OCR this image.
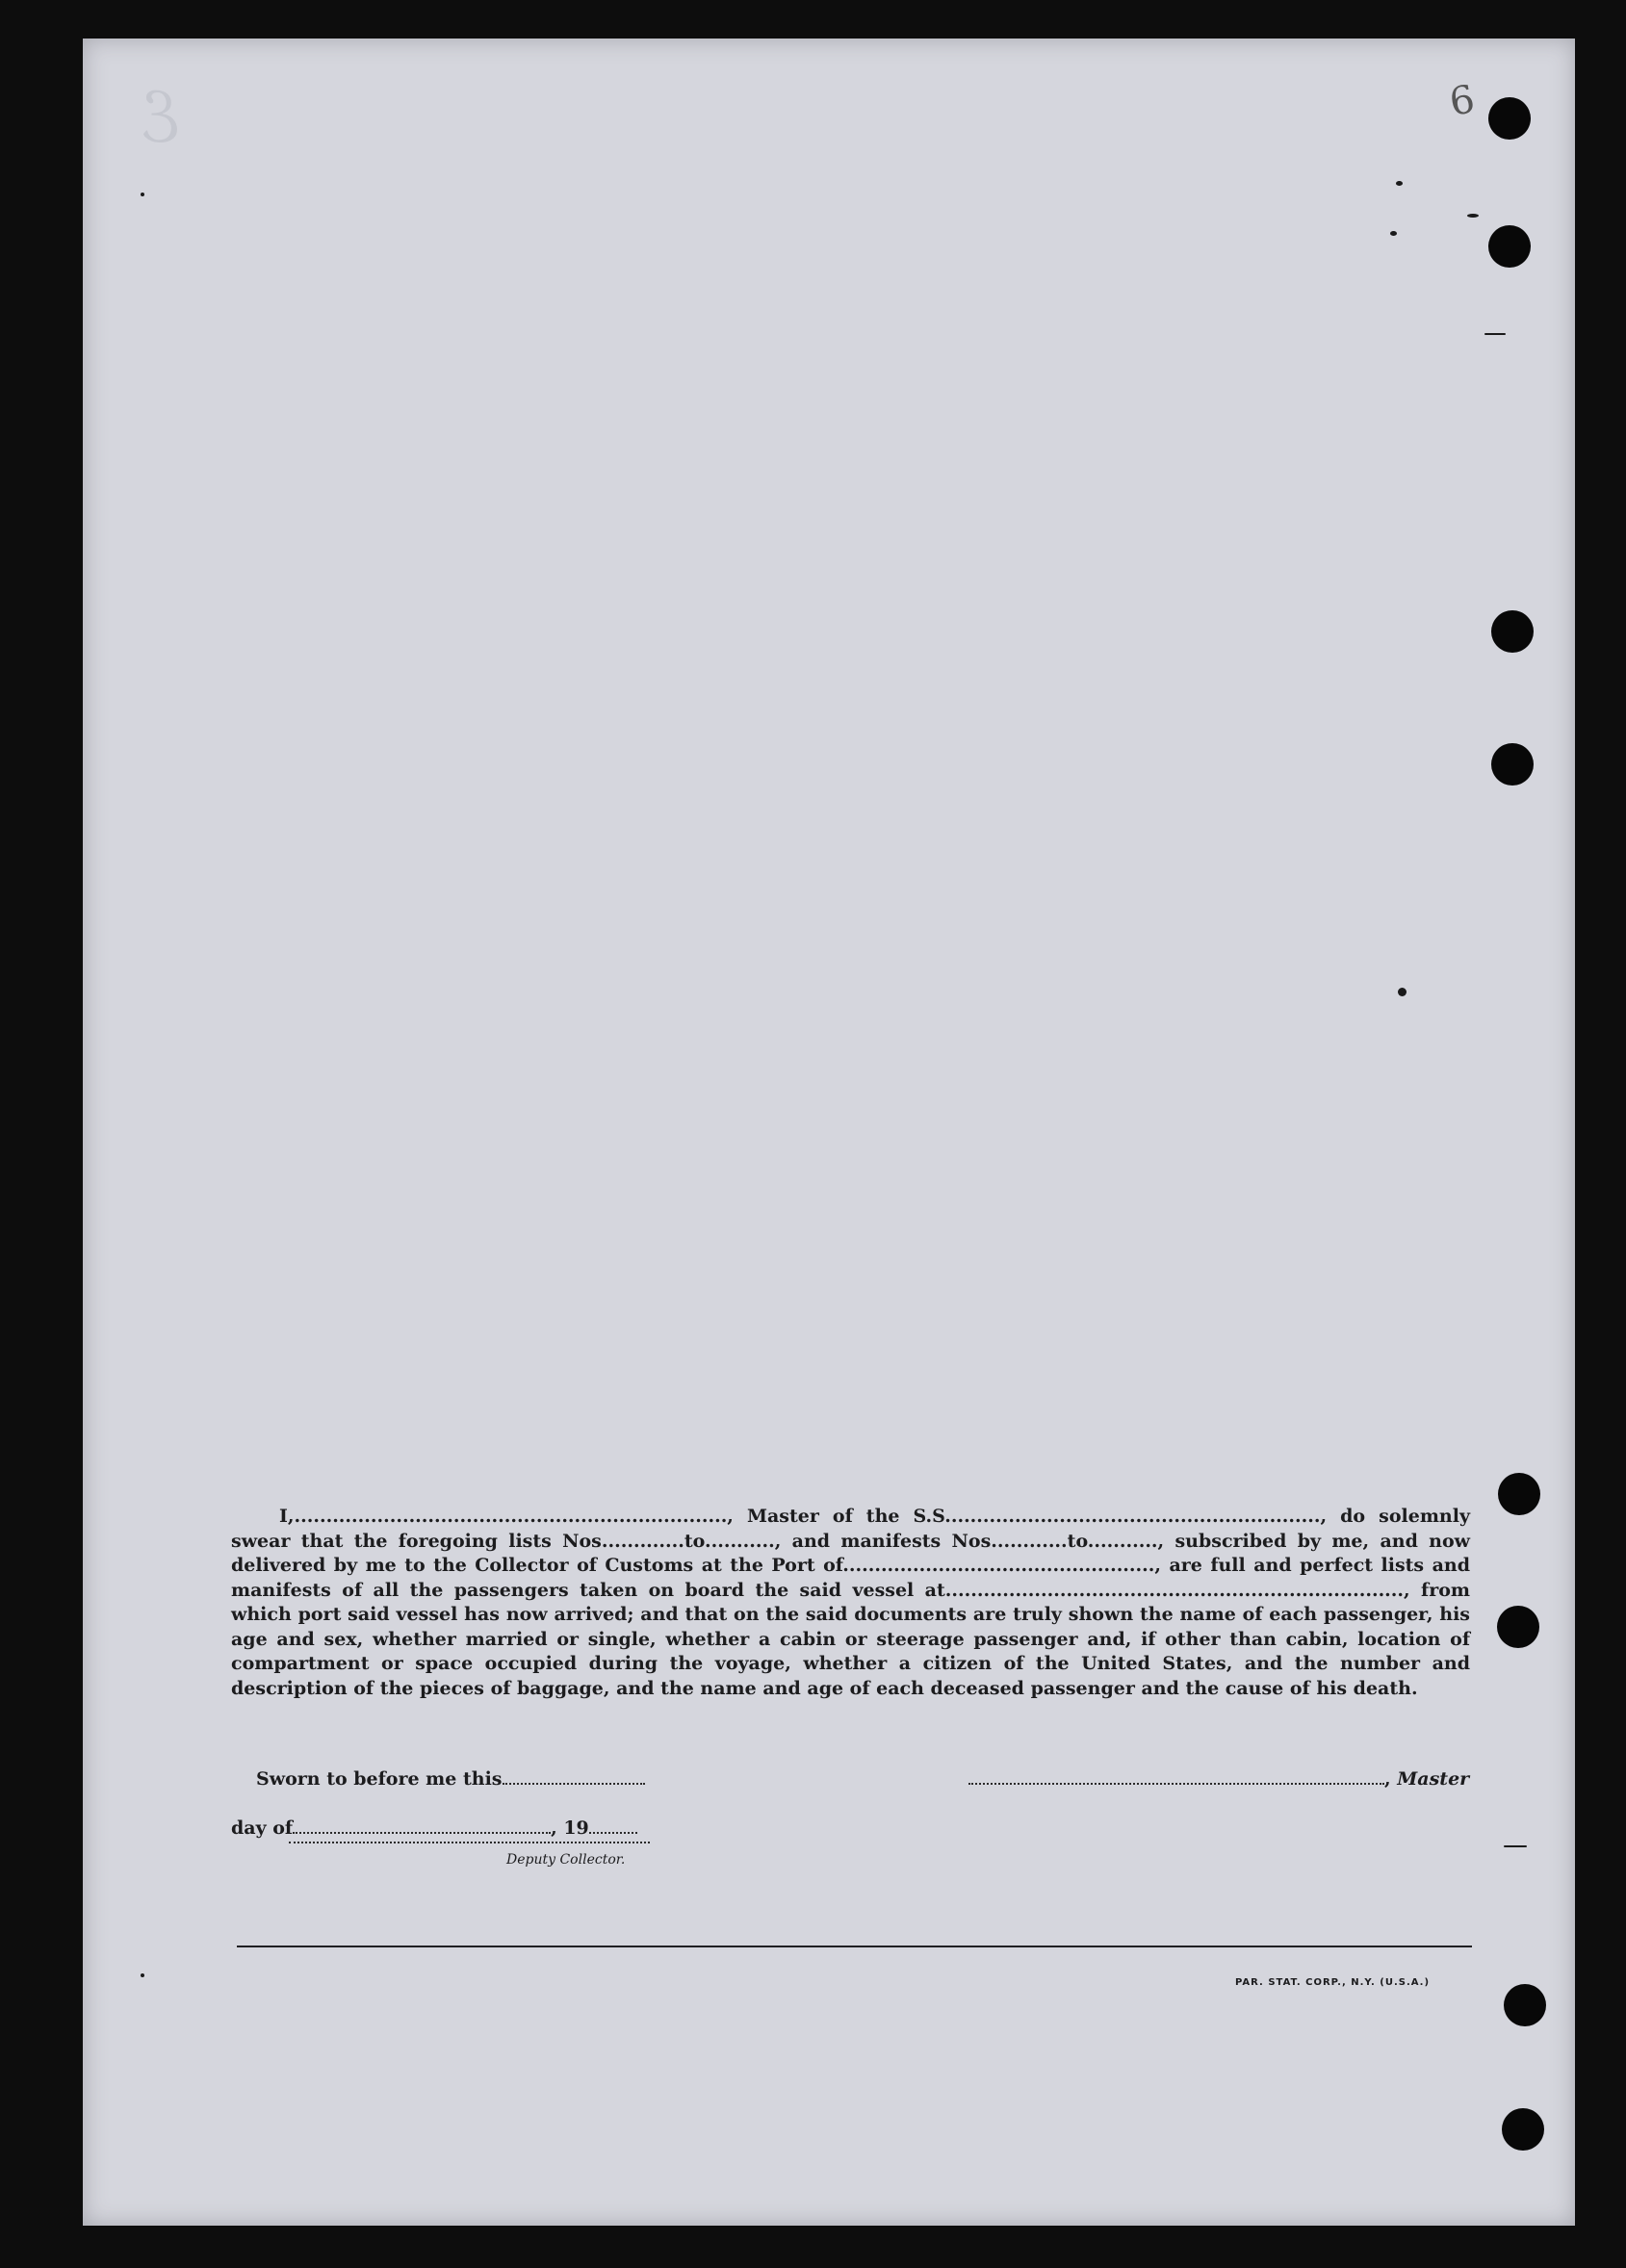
ℰ	6

I,...................................................................., Master of the S.S..........................................................., do solemnly swear that the foregoing lists Nos.............to..........., and manifests Nos............to..........., subscribed by me, and now delivered by me to the Collector of Customs at the Port of................................................., are full and perfect lists and manifests of all the passengers taken on board the said vessel at........................................................................, from which port said vessel has now arrived; and that on the said documents are truly shown the name of each passenger, his age and sex, whether married or single, whether a cabin or steerage passenger and, if other than cabin, location of compartment or space occupied during the voyage, whether a citizen of the United States, and the number and description of the pieces of baggage, and the name and age of each deceased passenger and the cause of his death.

Sworn to before me this	, Master
day of	, 19
Deputy Collector.
PAR. STAT. CORP., N.Y. (U.S.A.)
